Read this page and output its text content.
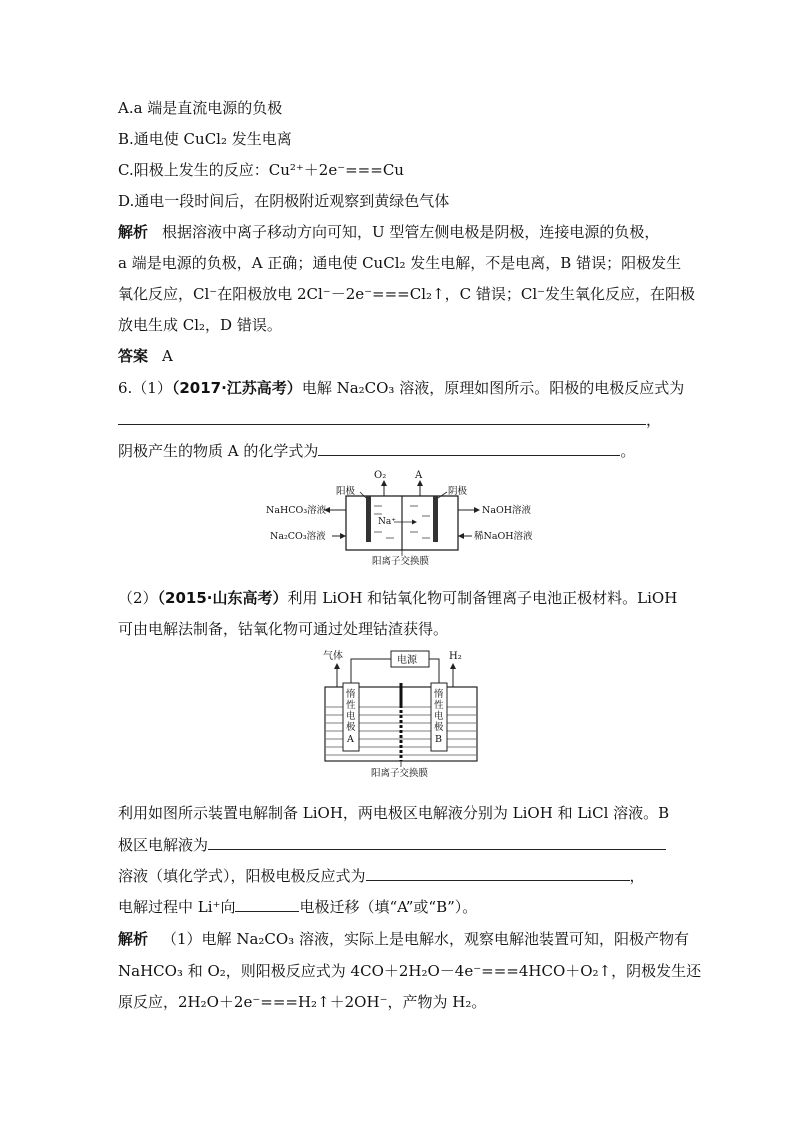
A.a 端是直流电源的负极
B.通电使 CuCl₂ 发生电离
C.阳极上发生的反应：Cu²⁺＋2e⁻===Cu
D.通电一段时间后，在阴极附近观察到黄绿色气体
解析 根据溶液中离子移动方向可知，U 型管左侧电极是阴极，连接电源的负极，
a 端是电源的负极，A 正确；通电使 CuCl₂ 发生电解，不是电离，B 错误；阳极发生
氧化反应，Cl⁻在阳极放电 2Cl⁻－2e⁻===Cl₂↑，C 错误；Cl⁻发生氧化反应，在阳极
放电生成 Cl₂，D 错误。
答案 A
6.（1）（2017·江苏高考）电解 Na₂CO₃ 溶液，原理如图所示。阳极的电极反应式为
，
阴极产生的物质 A 的化学式为	。
O₂	A
阳极	阴极
NaHCO₃溶液
Na₂CO₃溶液
NaOH溶液
稀NaOH溶液
Na⁺
阳离子交换膜
（2）（2015·山东高考）利用 LiOH 和钴氧化物可制备锂离子电池正极材料。LiOH
可由电解法制备，钴氧化物可通过处理钴渣获得。
电源
气体	H₂
惰
性
电
极
A
惰
性
电
极
B
阳离子交换膜
利用如图所示装置电解制备 LiOH，两电极区电解液分别为 LiOH 和 LiCl 溶液。B
极区电解液为
溶液（填化学式），阳极电极反应式为	，
电解过程中 Li⁺向	电极迁移（填“A”或“B”）。
解析 （1）电解 Na₂CO₃ 溶液，实际上是电解水，观察电解池装置可知，阳极产物有
NaHCO₃ 和 O₂，则阳极反应式为 4CO＋2H₂O－4e⁻===4HCO＋O₂↑，阴极发生还
原反应，2H₂O＋2e⁻===H₂↑＋2OH⁻，产物为 H₂。
